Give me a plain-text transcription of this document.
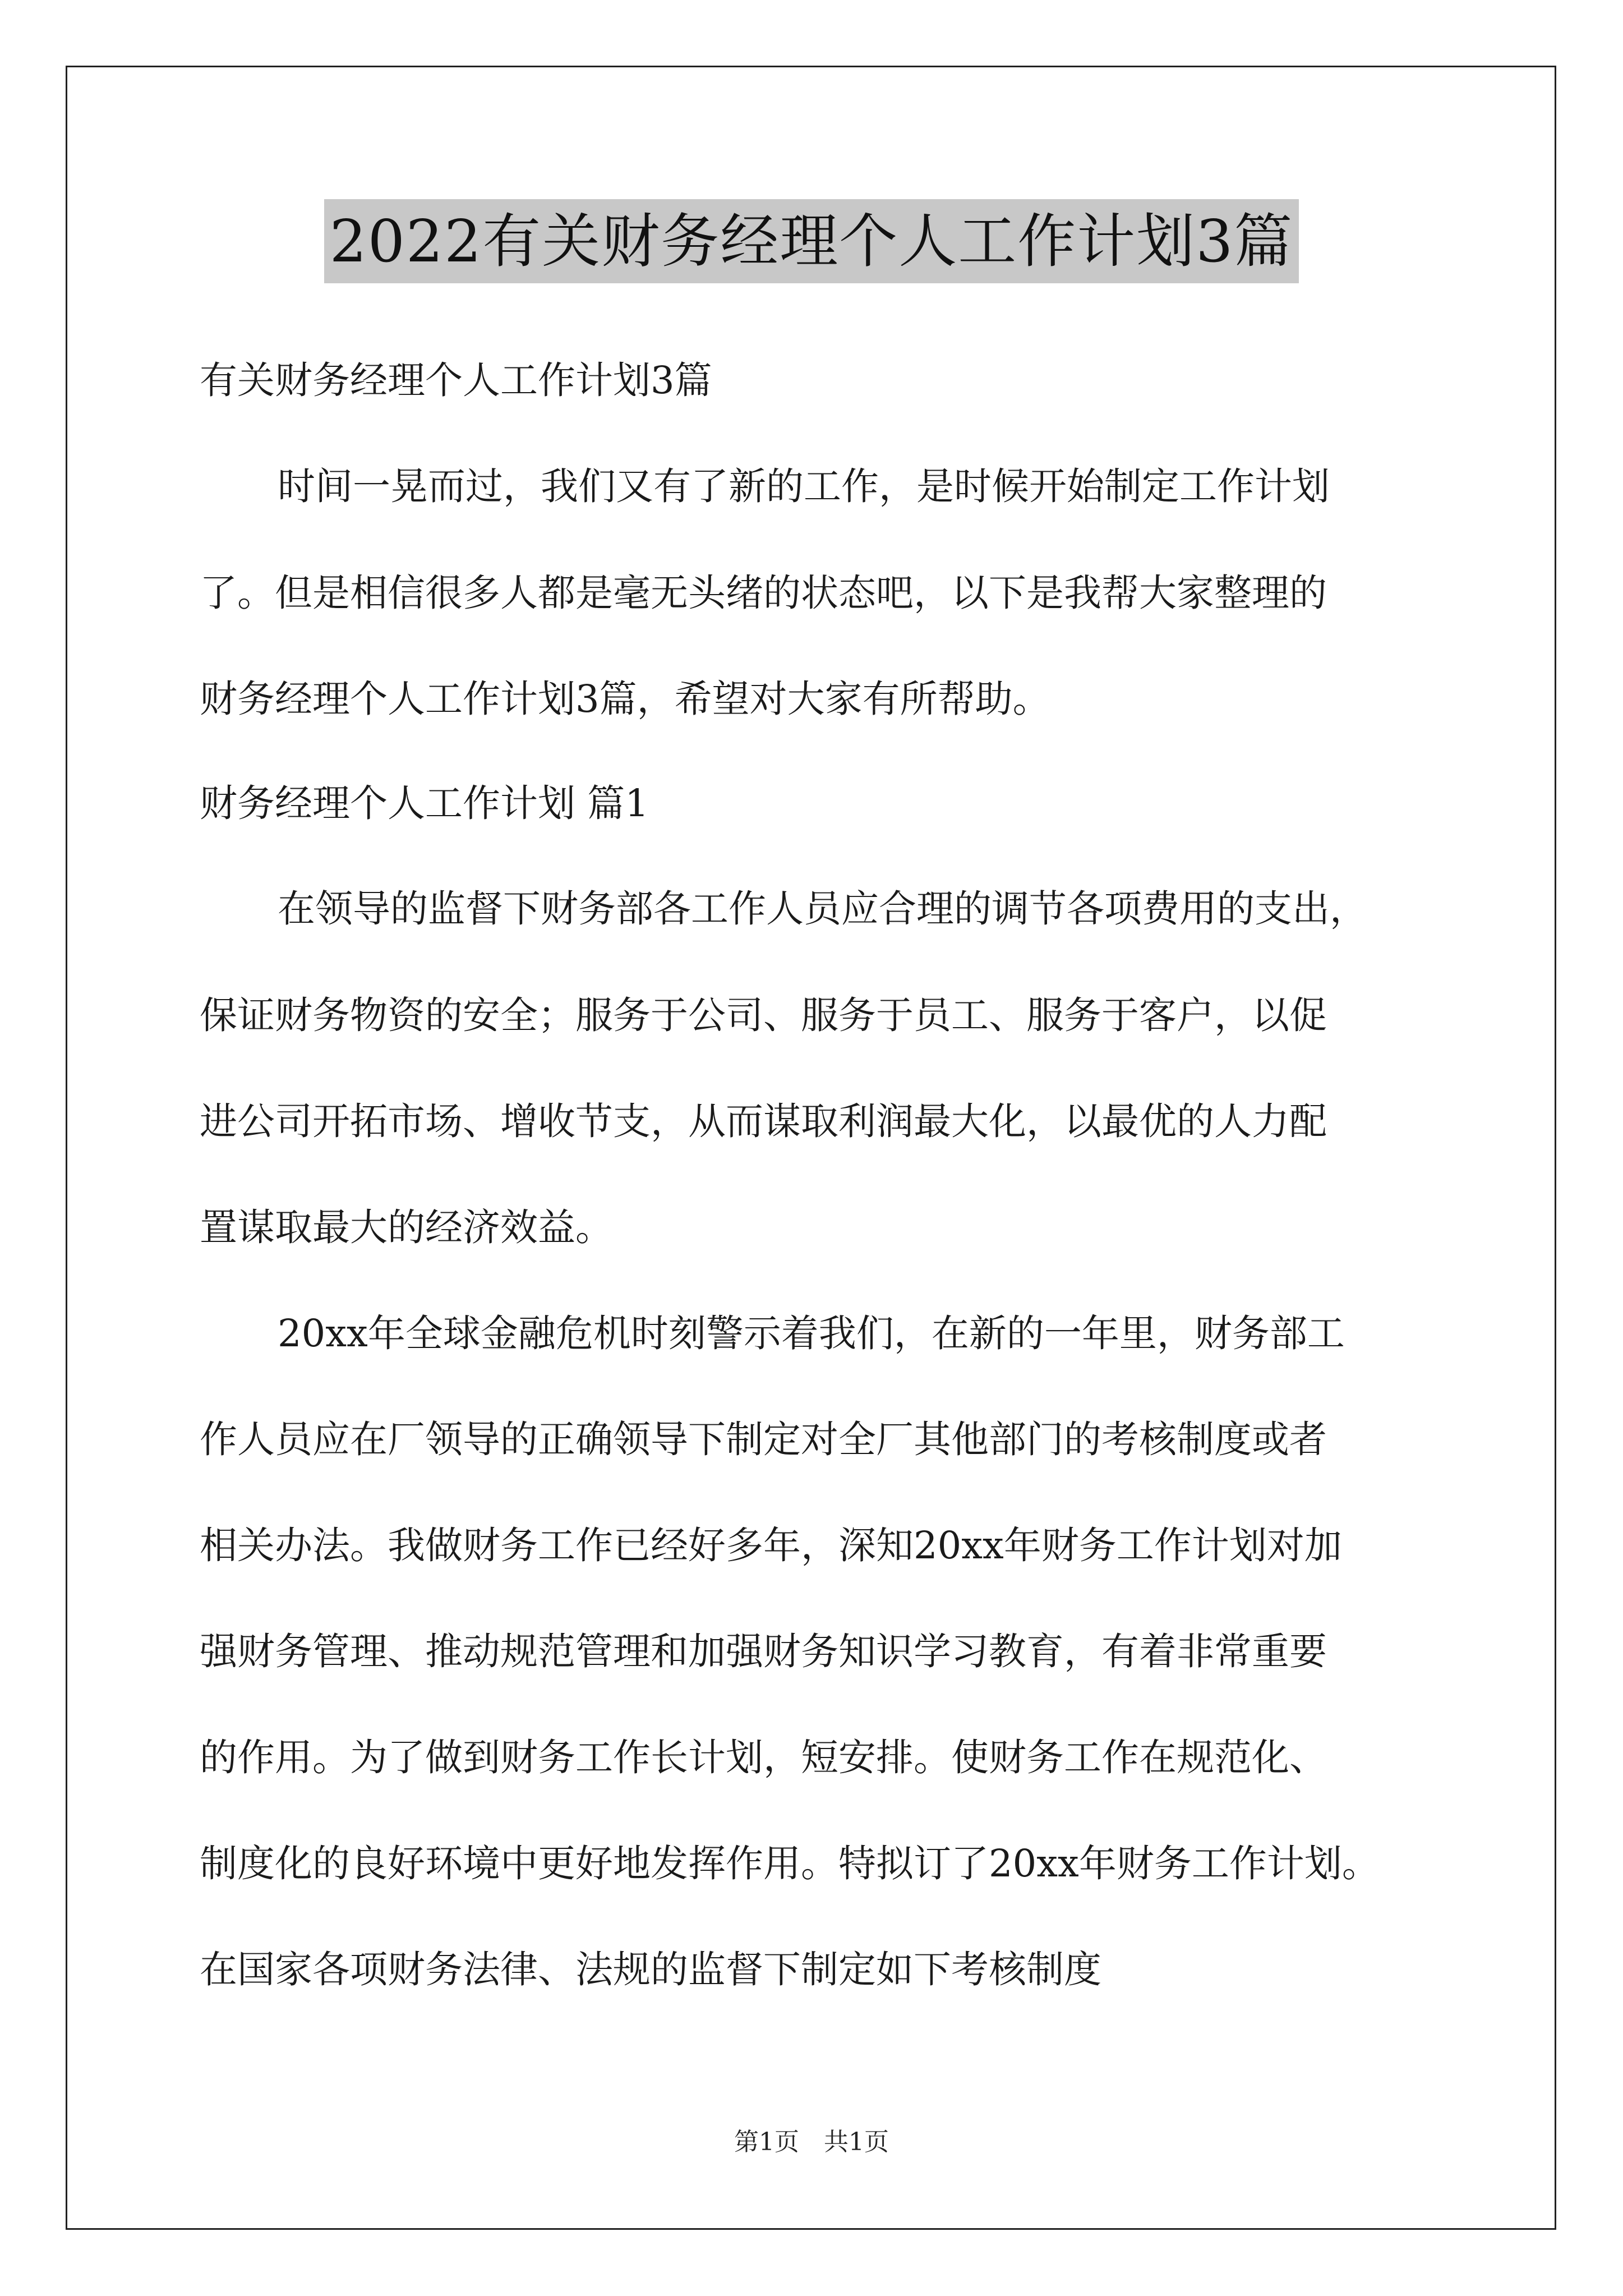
2022有关财务经理个人工作计划3篇
有关财务经理个人工作计划3篇
时间一晃而过，我们又有了新的工作，是时候开始制定工作计划
了。但是相信很多人都是毫无头绪的状态吧，以下是我帮大家整理的
财务经理个人工作计划3篇，希望对大家有所帮助。
财务经理个人工作计划 篇1
在领导的监督下财务部各工作人员应合理的调节各项费用的支出，
保证财务物资的安全；服务于公司、服务于员工、服务于客户，以促
进公司开拓市场、增收节支，从而谋取利润最大化，以最优的人力配
置谋取最大的经济效益。
20xx年全球金融危机时刻警示着我们，在新的一年里，财务部工
作人员应在厂领导的正确领导下制定对全厂其他部门的考核制度或者
相关办法。我做财务工作已经好多年，深知20xx年财务工作计划对加
强财务管理、推动规范管理和加强财务知识学习教育，有着非常重要
的作用。为了做到财务工作长计划，短安排。使财务工作在规范化、
制度化的良好环境中更好地发挥作用。特拟订了20xx年财务工作计划。
在国家各项财务法律、法规的监督下制定如下考核制度
第1页　共1页
